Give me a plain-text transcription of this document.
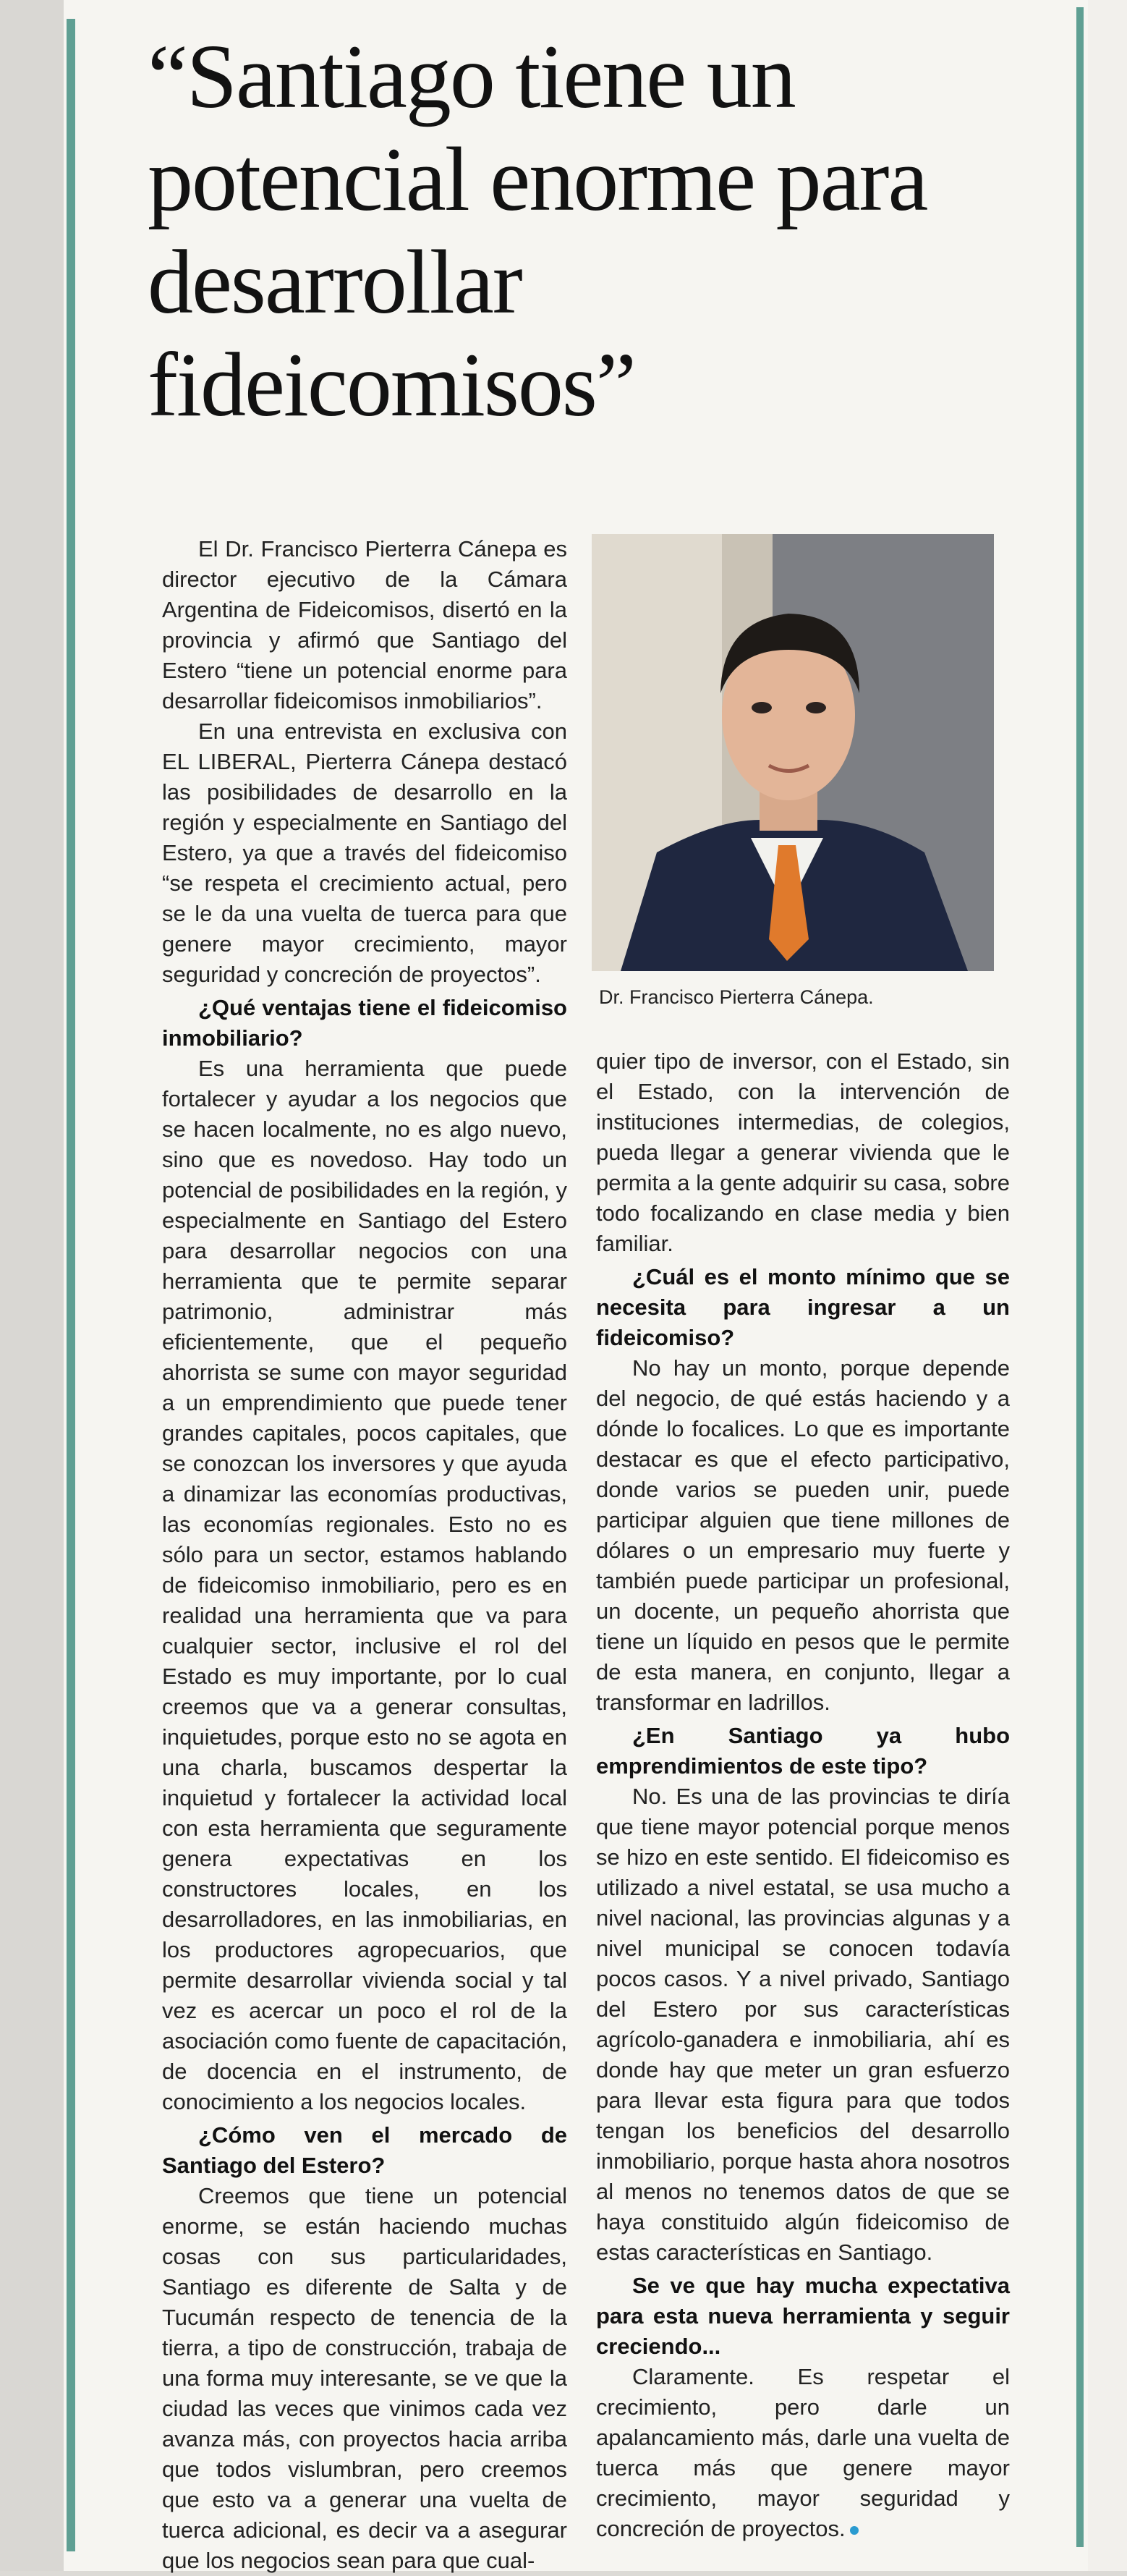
“Santiago tiene un potencial enorme para desarrollar fideicomisos”
Dr. Francisco Pierterra Cánepa.

El Dr. Francisco Pierterra Cánepa es director ejecutivo de la Cámara Argentina de Fideicomisos, disertó en la provincia y afirmó que Santiago del Estero “tiene un potencial enorme para desarrollar fideicomisos inmobiliarios”.

En una entrevista en exclusiva con EL LIBERAL, Pierterra Cánepa destacó las posibilidades de desarrollo en la región y especialmente en Santiago del Estero, ya que a través del fideicomiso “se respeta el crecimiento actual, pero se le da una vuelta de tuerca para que genere mayor crecimiento, mayor seguridad y concreción de proyectos”.

¿Qué ventajas tiene el fideicomiso inmobiliario?

Es una herramienta que puede fortalecer y ayudar a los negocios que se hacen localmente, no es algo nuevo, sino que es novedoso. Hay todo un potencial de posibilidades en la región, y especialmente en Santiago del Estero para desarrollar negocios con una herramienta que te permite separar patrimonio, administrar más eficientemente, que el pequeño ahorrista se sume con mayor seguridad a un emprendimiento que puede tener grandes capitales, pocos capitales, que se conozcan los inversores y que ayuda a dinamizar las economías productivas, las economías regionales. Esto no es sólo para un sector, estamos hablando de fideicomiso inmobiliario, pero es en realidad una herramienta que va para cualquier sector, inclusive el rol del Estado es muy importante, por lo cual creemos que va a generar consultas, inquietudes, porque esto no se agota en una charla, buscamos despertar la inquietud y fortalecer la actividad local con esta herramienta que seguramente genera expectativas en los constructores locales, en los desarrolladores, en las inmobiliarias, en los productores agropecuarios, que permite desarrollar vivienda social y tal vez es acercar un poco el rol de la asociación como fuente de capacitación, de docencia en el instrumento, de conocimiento a los negocios locales.

¿Cómo ven el mercado de Santiago del Estero?

Creemos que tiene un potencial enorme, se están haciendo muchas cosas con sus particularidades, Santiago es diferente de Salta y de Tucumán respecto de tenencia de la tierra, a tipo de construcción, trabaja de una forma muy interesante, se ve que la ciudad las veces que vinimos cada vez avanza más, con proyectos hacia arriba que todos vislumbran, pero creemos que esto va a generar una vuelta de tuerca adicional, es decir va a asegurar que los negocios sean para que cual-

quier tipo de inversor, con el Estado, sin el Estado, con la intervención de instituciones intermedias, de colegios, pueda llegar a generar vivienda que le permita a la gente adquirir su casa, sobre todo focalizando en clase media y bien familiar.

¿Cuál es el monto mínimo que se necesita para ingresar a un fideicomiso?

No hay un monto, porque depende del negocio, de qué estás haciendo y a dónde lo focalices. Lo que es importante destacar es que el efecto participativo, donde varios se pueden unir, puede participar alguien que tiene millones de dólares o un empresario muy fuerte y también puede participar un profesional, un docente, un pequeño ahorrista que tiene un líquido en pesos que le permite de esta manera, en conjunto, llegar a transformar en ladrillos.

¿En Santiago ya hubo emprendimientos de este tipo?

No. Es una de las provincias te diría que tiene mayor potencial porque menos se hizo en este sentido. El fideicomiso es utilizado a nivel estatal, se usa mucho a nivel nacional, las provincias algunas y a nivel municipal se conocen todavía pocos casos. Y a nivel privado, Santiago del Estero por sus características agrícolo-ganadera e inmobiliaria, ahí es donde hay que meter un gran esfuerzo para llevar esta figura para que todos tengan los beneficios del desarrollo inmobiliario, porque hasta ahora nosotros al menos no tenemos datos de que se haya constituido algún fideicomiso de estas características en Santiago.

Se ve que hay mucha expectativa para esta nueva herramienta y seguir creciendo...

Claramente. Es respetar el crecimiento, pero darle un apalancamiento más, darle una vuelta de tuerca más que genere mayor crecimiento, mayor seguridad y concreción de proyectos.
